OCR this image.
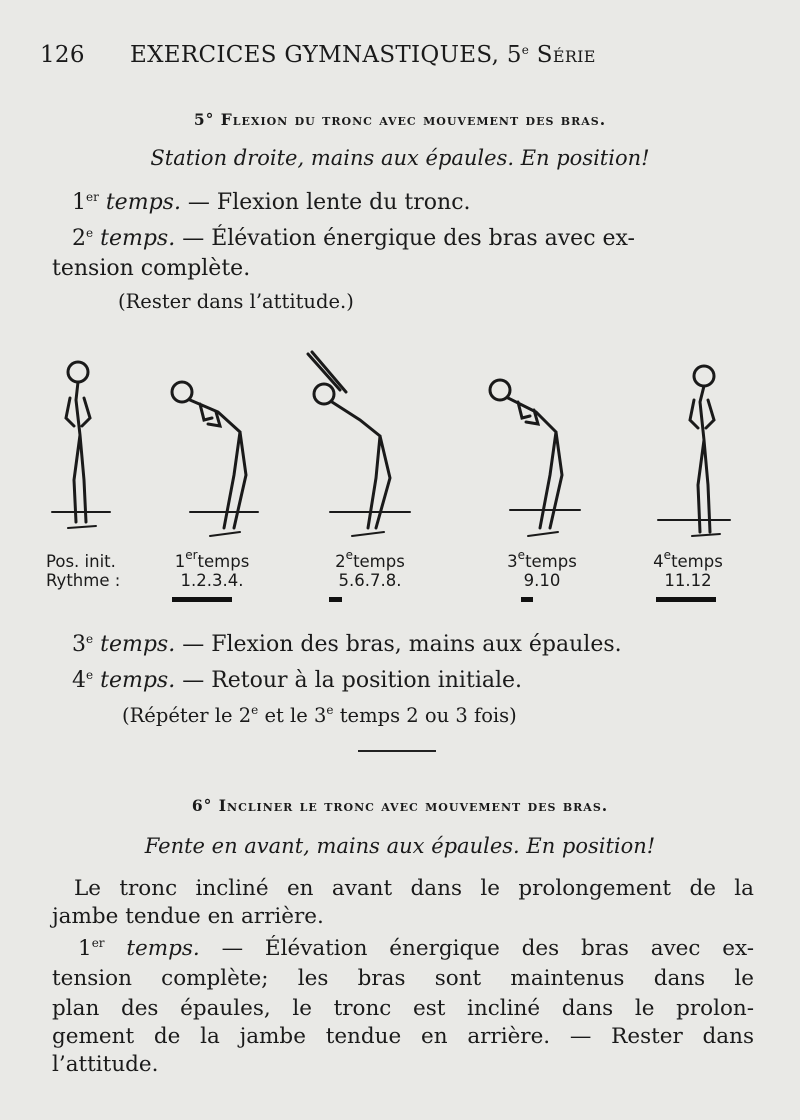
126 EXERCICES GYMNASTIQUES, 5e Série
5° Flexion du tronc avec mouvement des bras.
Station droite, mains aux épaules. En position!
1er temps. — Flexion lente du tronc.
2e temps. — Élévation énergique des bras avec ex-
tension complète.
(Rester dans l’attitude.)
Pos. init.
Rythme :
1ertemps
1.2.3.4.
2etemps
5.6.7.8.
3etemps
9.10
4etemps
11.12
3e temps. — Flexion des bras, mains aux épaules.
4e temps. — Retour à la position initiale.
(Répéter le 2e et le 3e temps 2 ou 3 fois)
6° Incliner le tronc avec mouvement des bras.
Fente en avant, mains aux épaules. En position!
Le tronc incliné en avant dans le prolongement de la
jambe tendue en arrière.
1er temps. — Élévation énergique des bras avec ex-
tension complète; les bras sont maintenus dans le
plan des épaules, le tronc est incliné dans le prolon-
gement de la jambe tendue en arrière. — Rester dans
l’attitude.
